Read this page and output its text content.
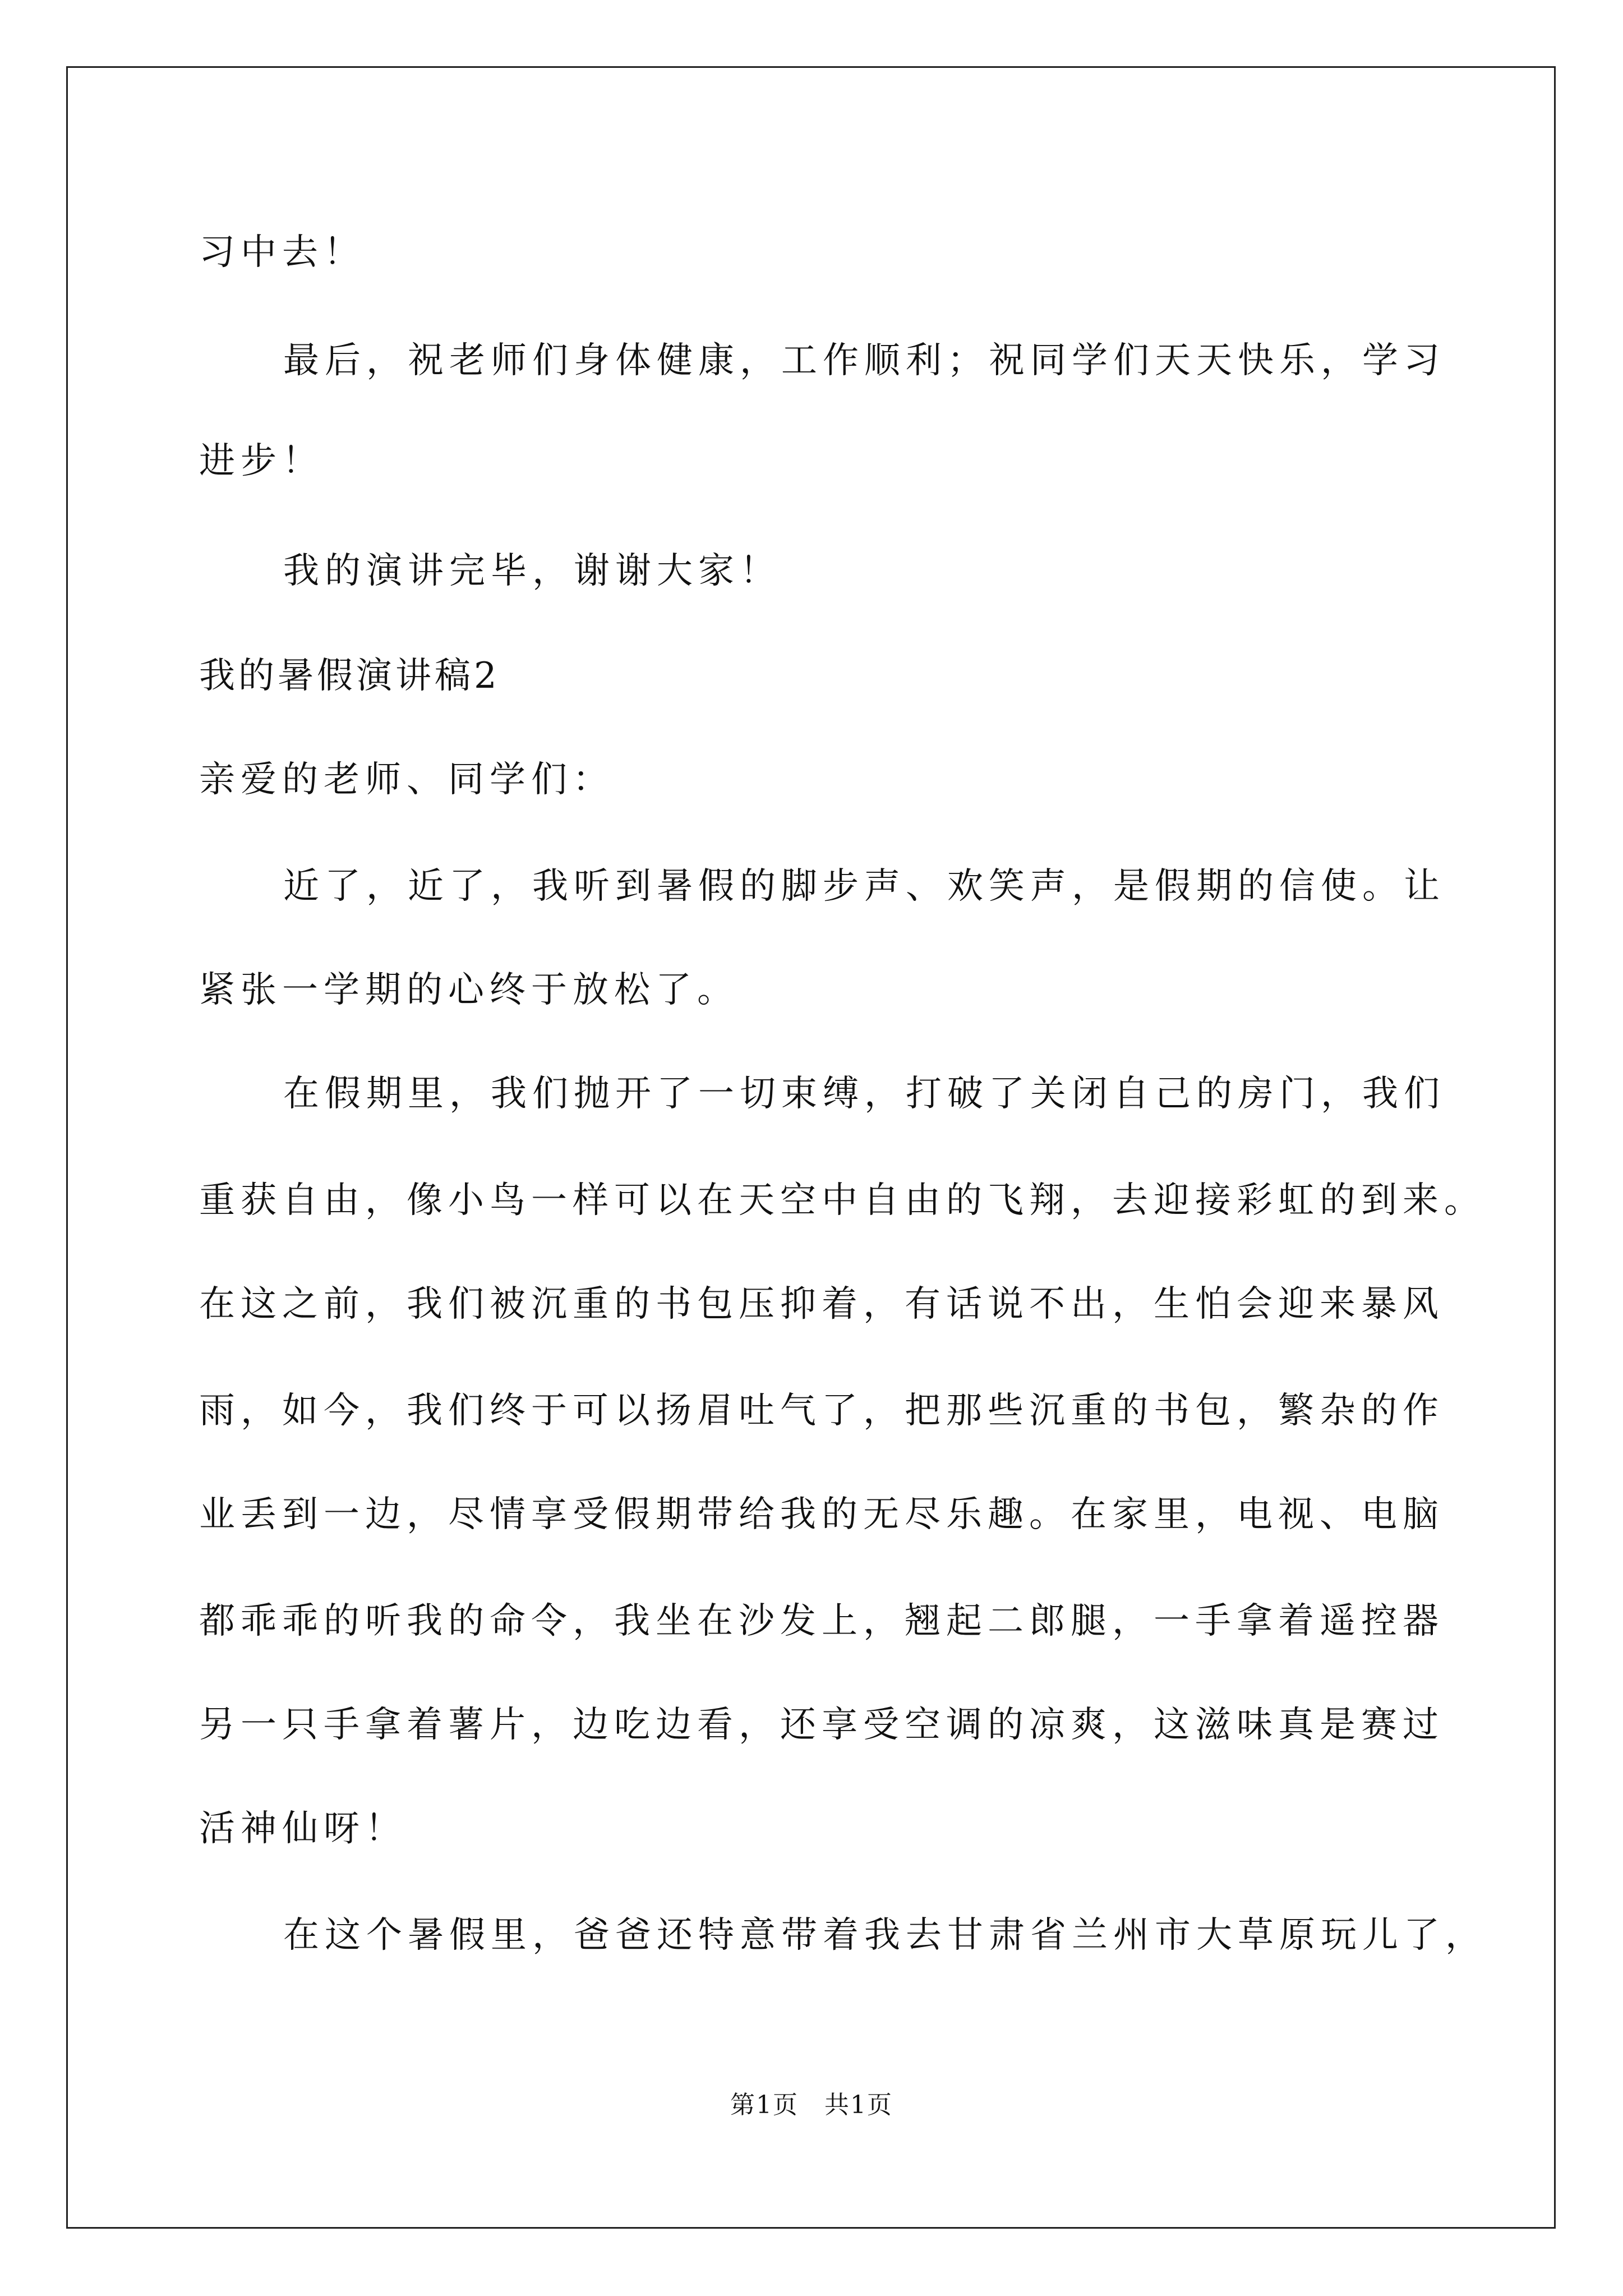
习中去！
最后，祝老师们身体健康，工作顺利；祝同学们天天快乐，学习
进步！
我的演讲完毕，谢谢大家！
我的暑假演讲稿2
亲爱的老师、同学们：
近了，近了，我听到暑假的脚步声、欢笑声，是假期的信使。让
紧张一学期的心终于放松了。
在假期里，我们抛开了一切束缚，打破了关闭自己的房门，我们
重获自由，像小鸟一样可以在天空中自由的飞翔，去迎接彩虹的到来。
在这之前，我们被沉重的书包压抑着，有话说不出，生怕会迎来暴风
雨，如今，我们终于可以扬眉吐气了，把那些沉重的书包，繁杂的作
业丢到一边，尽情享受假期带给我的无尽乐趣。在家里，电视、电脑
都乖乖的听我的命令，我坐在沙发上，翘起二郎腿，一手拿着遥控器
另一只手拿着薯片，边吃边看，还享受空调的凉爽，这滋味真是赛过
活神仙呀！
在这个暑假里，爸爸还特意带着我去甘肃省兰州市大草原玩儿了，
第1页　共1页
